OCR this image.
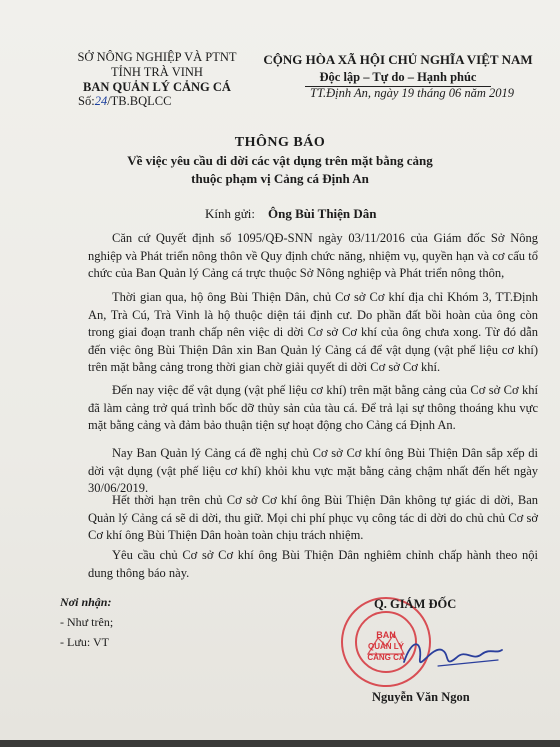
SỞ NÔNG NGHIỆP VÀ PTNT
TỈNH TRÀ VINH
BAN QUẢN LÝ CẢNG CÁ
Số:24/TB.BQLCC
CỘNG HÒA XÃ HỘI CHỦ NGHĨA VIỆT NAM
Độc lập – Tự do – Hạnh phúc
TT.Định An, ngày 19 tháng 06 năm 2019
THÔNG BÁO
Về việc yêu cầu di dời các vật dụng trên mặt bằng cảng
thuộc phạm vị Cảng cá Định An
Kính gửi: Ông Bùi Thiện Dân

Căn cứ Quyết định số 1095/QĐ-SNN ngày 03/11/2016 của Giám đốc Sở Nông nghiệp và Phát triển nông thôn về Quy định chức năng, nhiệm vụ, quyền hạn và cơ cấu tổ chức của Ban Quản lý Cảng cá trực thuộc Sở Nông nghiệp và Phát triển nông thôn,

Thời gian qua, hộ ông Bùi Thiện Dân, chủ Cơ sở Cơ khí địa chỉ Khóm 3, TT.Định An, Trà Cú, Trà Vinh là hộ thuộc diện tái định cư. Do phần đất bồi hoàn của ông còn trong giai đoạn tranh chấp nên việc di dời Cơ sở Cơ khí của ông chưa xong. Từ đó dẫn đến việc ông Bùi Thiện Dân xin Ban Quản lý Cảng cá để vật dụng (vật phế liệu cơ khí) trên mặt bằng cảng trong thời gian chờ giải quyết di dời Cơ sở Cơ khí.

Đến nay việc để vật dụng (vật phế liệu cơ khí) trên mặt bằng cảng của Cơ sở Cơ khí đã làm cảng trở quá trình bốc dỡ thủy sản của tàu cá. Để trả lại sự thông thoáng khu vực mặt bằng cảng và đảm bảo thuận tiện sự hoạt động cho Cảng cá Định An.

Nay Ban Quản lý Cảng cá đề nghị chủ Cơ sở Cơ khí ông Bùi Thiện Dân sắp xếp di dời vật dụng (vật phế liệu cơ khí) khỏi khu vực mặt bằng cảng chậm nhất đến hết ngày 30/06/2019.

Hết thời hạn trên chủ Cơ sở Cơ khí ông Bùi Thiện Dân không tự giác di dời, Ban Quản lý Cảng cá sẽ di dời, thu giữ. Mọi chi phí phục vụ công tác di dời do chủ chủ Cơ sở Cơ khí ông Bùi Thiện Dân hoàn toàn chịu trách nhiệm.

Yêu cầu chủ Cơ sở Cơ khí ông Bùi Thiện Dân nghiêm chỉnh chấp hành theo nội dung thông báo này.

Nơi nhận:
- Như trên;
- Lưu: VT	BAN
QUẢN LÝ
CẢNG CÁ
Q. GIÁM ĐỐC
Nguyễn Văn Ngon
